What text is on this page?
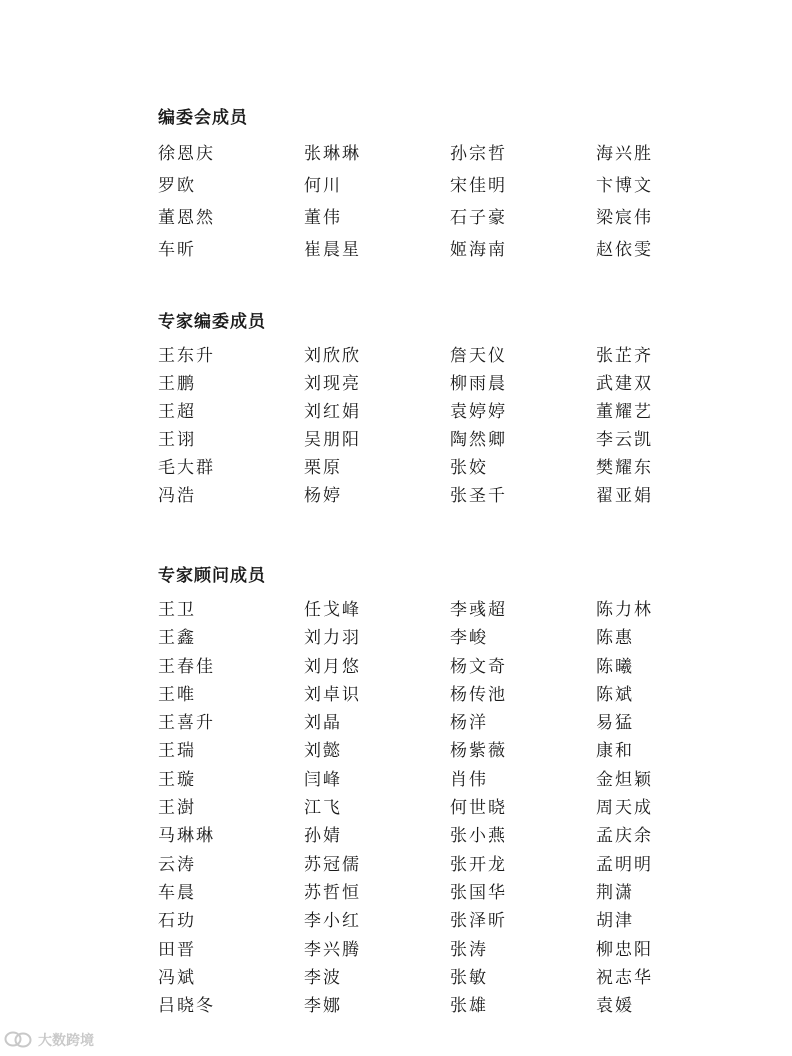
编委会成员
徐恩庆	张琳琳	孙宗哲	海兴胜
罗欧	何川	宋佳明	卞博文
董恩然	董伟	石子豪	梁宸伟
车昕	崔晨星	姬海南	赵依雯
专家编委成员
王东升	刘欣欣	詹天仪	张芷齐
王鹏	刘现亮	柳雨晨	武建双
王超	刘红娟	袁婷婷	董耀艺
王诩	吴朋阳	陶然卿	李云凯
毛大群	栗原	张姣	樊耀东
冯浩	杨婷	张圣千	翟亚娟
专家顾问成员
王卫	任戈峰	李彧超	陈力林
王鑫	刘力羽	李峻	陈惠
王春佳	刘月悠	杨文奇	陈曦
王唯	刘卓识	杨传池	陈斌
王喜升	刘晶	杨洋	易猛
王瑞	刘懿	杨紫薇	康和
王璇	闫峰	肖伟	金炟颖
王澍	江飞	何世晓	周天成
马琳琳	孙婧	张小燕	孟庆余
云涛	苏冠儒	张开龙	孟明明
车晨	苏哲恒	张国华	荆潇
石玏	李小红	张泽昕	胡津
田晋	李兴腾	张涛	柳忠阳
冯斌	李波	张敏	祝志华
吕晓冬	李娜	张雄	袁媛
大数跨境
